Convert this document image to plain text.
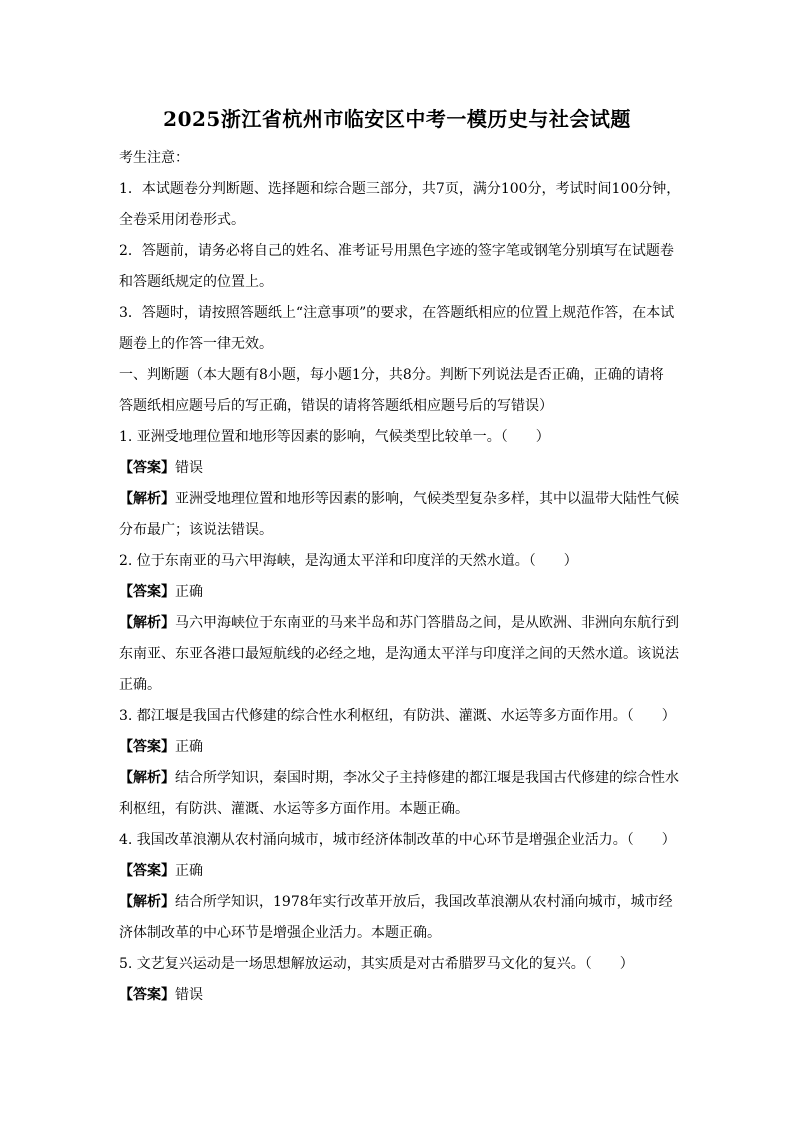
2025浙江省杭州市临安区中考一模历史与社会试题
考生注意：
1．本试题卷分判断题、选择题和综合题三部分，共7页，满分100分，考试时间100分钟，
全卷采用闭卷形式。
2．答题前，请务必将自己的姓名、准考证号用黑色字迹的签字笔或钢笔分别填写在试题卷
和答题纸规定的位置上。
3．答题时，请按照答题纸上“注意事项”的要求，在答题纸相应的位置上规范作答，在本试
题卷上的作答一律无效。
一、判断题（本大题有8小题，每小题1分，共8分。判断下列说法是否正确，正确的请将
答题纸相应题号后的写正确，错误的请将答题纸相应题号后的写错误）
1. 亚洲受地理位置和地形等因素的影响，气候类型比较单一。（　　）
【答案】错误
【解析】亚洲受地理位置和地形等因素的影响，气候类型复杂多样，其中以温带大陆性气候
分布最广；该说法错误。
2. 位于东南亚的马六甲海峡，是沟通太平洋和印度洋的天然水道。（　　）
【答案】正确
【解析】马六甲海峡位于东南亚的马来半岛和苏门答腊岛之间，是从欧洲、非洲向东航行到
东南亚、东亚各港口最短航线的必经之地，是沟通太平洋与印度洋之间的天然水道。该说法
正确。
3. 都江堰是我国古代修建的综合性水利枢纽，有防洪、灌溉、水运等多方面作用。（　　）
【答案】正确
【解析】结合所学知识，秦国时期，李冰父子主持修建的都江堰是我国古代修建的综合性水
利枢纽，有防洪、灌溉、水运等多方面作用。本题正确。
4. 我国改革浪潮从农村涌向城市，城市经济体制改革的中心环节是增强企业活力。（　　）
【答案】正确
【解析】结合所学知识，1978年实行改革开放后，我国改革浪潮从农村涌向城市，城市经
济体制改革的中心环节是增强企业活力。本题正确。
5. 文艺复兴运动是一场思想解放运动，其实质是对古希腊罗马文化的复兴。（　　）
【答案】错误
